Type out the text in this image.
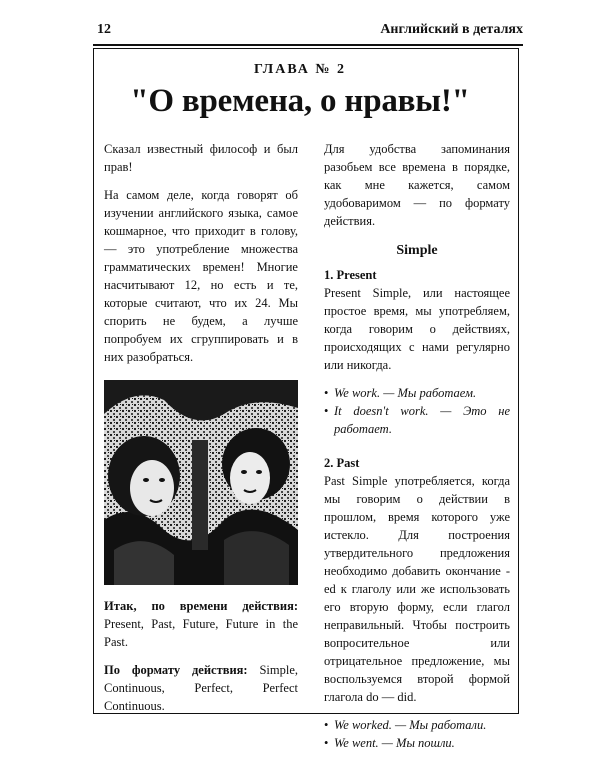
12	Английский в деталях
ГЛАВА № 2
"О времена, о нравы!"

Сказал известный философ и был прав!

На самом деле, когда говорят об изучении английского языка, самое кошмарное, что приходит в голову, — это употребление множества грамматических времен! Многие насчитывают 12, но есть и те, которые считают, что их 24. Мы спорить не будем, а лучше попробуем их сгруппировать и в них разобраться.

Итак, по времени действия: Present, Past, Future, Future in the Past.

По формату действия: Simple, Continuous, Perfect, Perfect Continuous.

Для удобства запоминания разобьем все времена в порядке, как мне кажется, самом удобоваримом — по формату действия.

Simple
1. Present

Present Simple, или настоящее простое время, мы употребляем, когда говорим о действиях, происходящих с нами регулярно или никогда.

• We work. — Мы работаем.
• It doesn't work. — Это не работает.
2. Past

Past Simple употребляется, когда мы говорим о действии в прошлом, время которого уже истекло. Для построения утвердительного предложения необходимо добавить окончание -ed к глаголу или же использовать его вторую форму, если глагол неправильный. Чтобы построить вопросительное или отрицательное предложение, мы воспользуемся второй формой глагола do — did.

• We worked. — Мы работали.
• We went. — Мы пошли.
